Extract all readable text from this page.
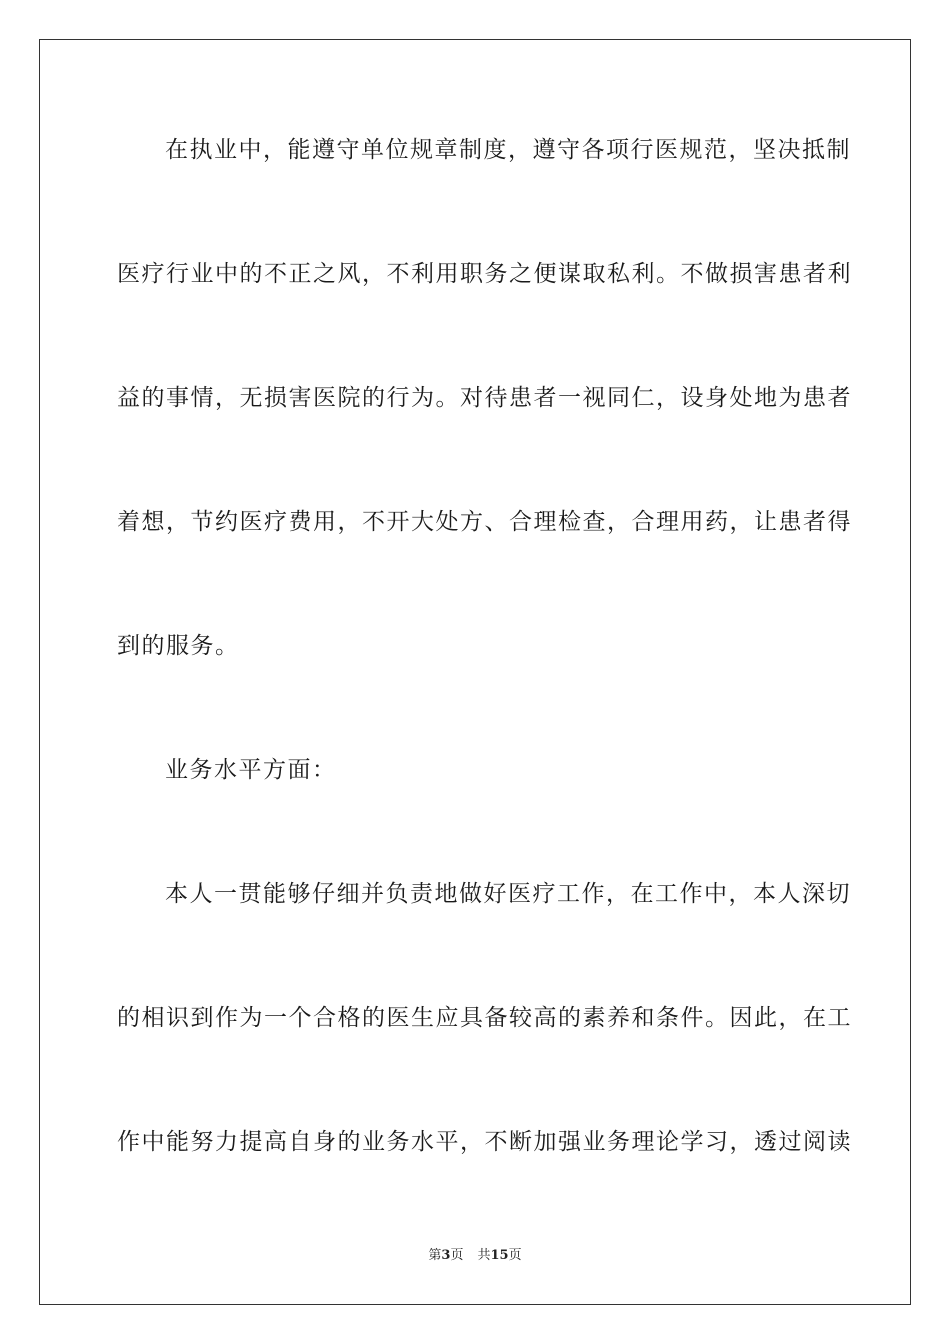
在执业中，能遵守单位规章制度，遵守各项行医规范，坚决抵制
医疗行业中的不正之风，不利用职务之便谋取私利。不做损害患者利
益的事情，无损害医院的行为。对待患者一视同仁，设身处地为患者
着想，节约医疗费用，不开大处方、合理检查，合理用药，让患者得
到的服务。
业务水平方面：
本人一贯能够仔细并负责地做好医疗工作，在工作中，本人深切
的相识到作为一个合格的医生应具备较高的素养和条件。因此，在工
作中能努力提高自身的业务水平，不断加强业务理论学习，透过阅读
第3页 共15页
